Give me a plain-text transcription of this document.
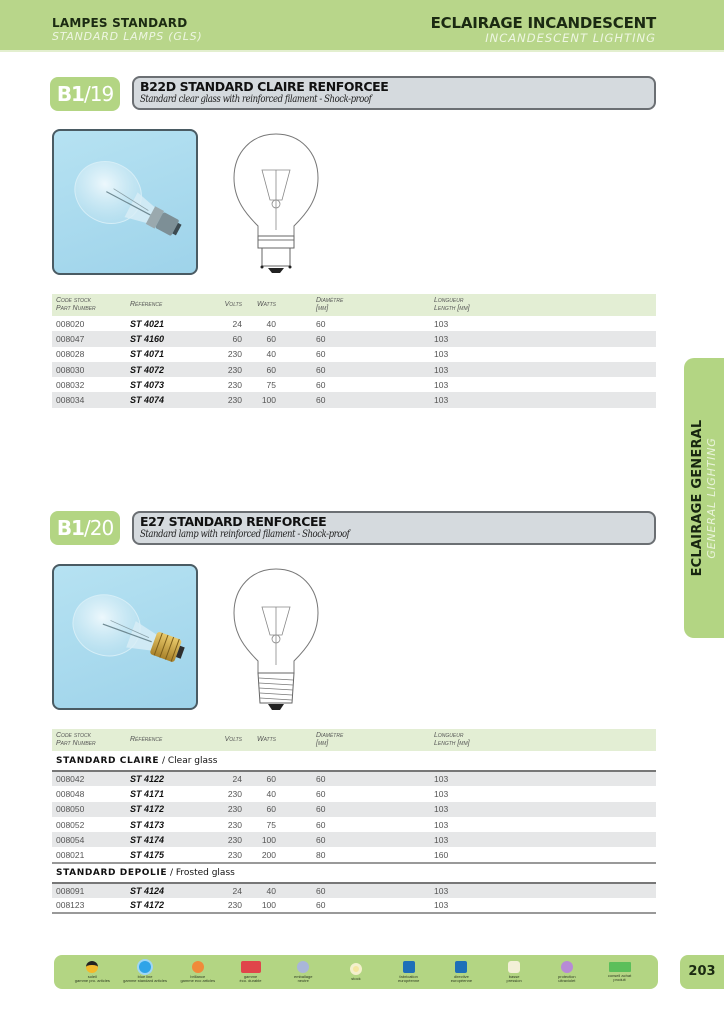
LAMPES STANDARD
STANDARD LAMPS (GLS)
ECLAIRAGE INCANDESCENT
INCANDESCENT LIGHTING
B1/19	B22D STANDARD CLAIRE RENFORCEE
Standard clear glass with reinforced filament - Shock-proof
Code stock
Part Number	Référence	Volts	Watts	Diamètre
[mm]	Longueur
Length [mm]
008020	ST 4021	24	40	60	103
008047	ST 4160	60	60	60	103
008028	ST 4071	230	40	60	103
008030	ST 4072	230	60	60	103
008032	ST 4073	230	75	60	103
008034	ST 4074	230	100	60	103
ECLAIRAGE GENERAL GENERAL LIGHTING
B1/20	E27 STANDARD RENFORCEE
Standard lamp with reinforced filament - Shock-proof
Code stock
Part Number	Référence	Volts	Watts	Diamètre
[mm]	Longueur
Length [mm]
STANDARD CLAIRE / Clear glass					
008042	ST 4122	24	60	60	103
008048	ST 4171	230	40	60	103
008050	ST 4172	230	60	60	103
008052	ST 4173	230	75	60	103
008054	ST 4174	230	100	60	103
008021	ST 4175	230	200	80	160
STANDARD DEPOLIE / Frosted glass					
008091	ST 4124	24	40	60	103
008123	ST 4172	230	100	60	103
soleil
gamme pro. articles
blue line
gamme standard articles
brillance
gamme eco articles
gamme
éco. durable
emballage
neutre	stock	fabrication
européenne
directive
européenne
basse
pression
protection
ultraviolet
conseil achat
produit
203
